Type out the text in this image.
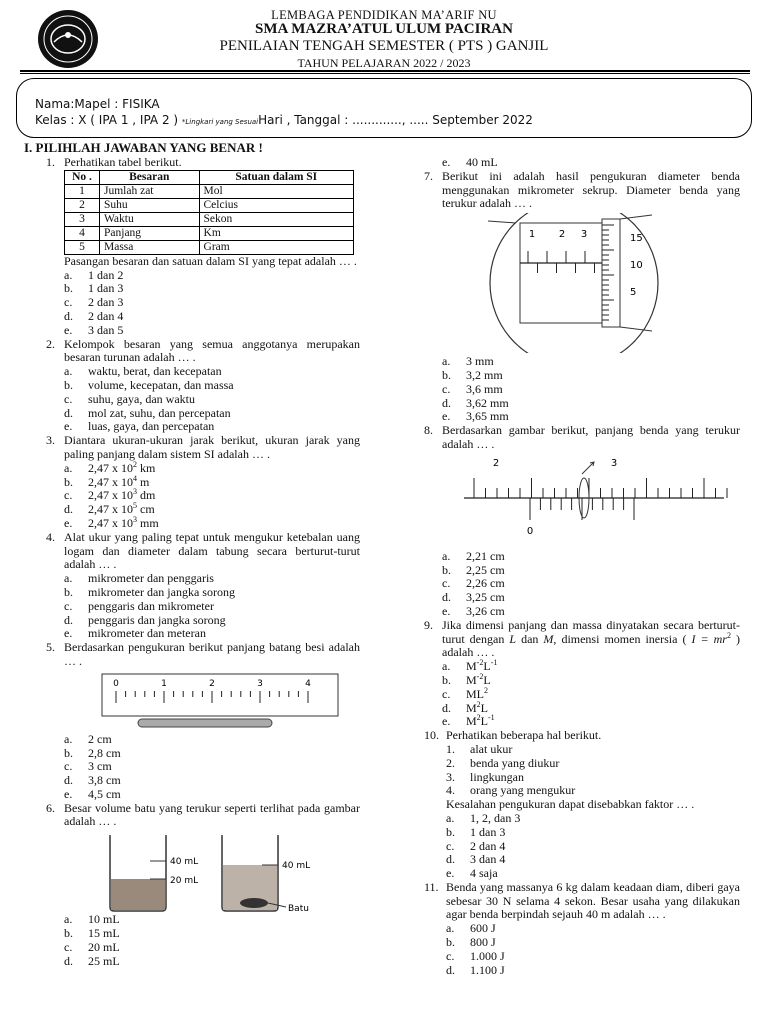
LEMBAGA PENDIDIKAN MA’ARIF NU
SMA MAZRA’ATUL ULUM PACIRAN
PENILAIAN TENGAH SEMESTER ( PTS ) GANJIL
TAHUN PELAJARAN 2022 / 2023
Nama:Mapel : FISIKA
Kelas : X ( IPA 1 , IPA 2 ) *Lingkari yang SesuaiHari , Tanggal : ............., ..... September 2022
I. PILIHLAH JAWABAN YANG BENAR !
1. Perhatikan tabel berikut.
No .	Besaran	Satuan dalam SI
1	Jumlah zat	Mol
2	Suhu	Celcius
3	Waktu	Sekon
4	Panjang	Km
5	Massa	Gram
Pasangan besaran dan satuan dalam SI yang tepat adalah … .
a. 1 dan 2
b. 1 dan 3
c. 2 dan 3
d. 2 dan 4
e. 3 dan 5
2. Kelompok besaran yang semua anggotanya merupakan besaran turunan adalah … .
a. waktu, berat, dan kecepatan
b. volume, kecepatan, dan massa
c. suhu, gaya, dan waktu
d. mol zat, suhu, dan percepatan
e. luas, gaya, dan percepatan
3. Diantara ukuran-ukuran jarak berikut, ukuran jarak yang paling panjang dalam sistem SI adalah … .
a. 2,47 x $10^2$ km
b. 2,47 x $10^4$ m
c. 2,47 x $10^3$ dm
d. 2,47 x $10^5$ cm
e. 2,47 x $10^3$ mm
4. Alat ukur yang paling tepat untuk mengukur ketebalan uang logam dan diameter dalam tabung secara berturut-turut adalah … .
a. mikrometer dan penggaris
b. mikrometer dan jangka sorong
c. penggaris dan mikrometer
d. penggaris dan jangka sorong
e. mikrometer dan meteran
5. Berdasarkan pengukuran berikut panjang batang besi adalah … .
0	1	2	3	4
a. 2 cm
b. 2,8 cm
c. 3 cm
d. 3,8 cm
e. 4,5 cm
6. Besar volume batu yang terukur seperti terlihat pada gambar adalah … .
40 mL
20 mL
40 mL
Batu
a. 10 mL
b. 15 mL
c. 20 mL
d. 25 mL
e. 40 mL
7. Berikut ini adalah hasil pengukuran diameter benda menggunakan mikrometer sekrup. Diameter benda yang terukur adalah … .
1 2 3	15
10
5
a. 3 mm
b. 3,2 mm
c. 3,6 mm
d. 3,62 mm
e. 3,65 mm
8. Berdasarkan gambar berikut, panjang benda yang terukur adalah … .
2	3
0
a. 2,21 cm
b. 2,25 cm
c. 2,26 cm
d. 3,25 cm
e. 3,26 cm
9. Jika dimensi panjang dan massa dinyatakan secara berturut-turut dengan L dan M, dimensi momen inersia ( $I = mr^2$ ) adalah … .
a. $M^{-2}L^{-1}$
b. $M^{-2}L$
c. $ML^2$
d. $M^2L$
e. $M^2L^{-1}$
10. Perhatikan beberapa hal berikut.
1. alat ukur
2. benda yang diukur
3. lingkungan
4. orang yang mengukur
Kesalahan pengukuran dapat disebabkan faktor … .
a. 1, 2, dan 3
b. 1 dan 3
c. 2 dan 4
d. 3 dan 4
e. 4 saja
11. Benda yang massanya 6 kg dalam keadaan diam, diberi gaya sebesar 30 N selama 4 sekon. Besar usaha yang dilakukan agar benda berpindah sejauh 40 m adalah … .
a. 600 J
b. 800 J
c. 1.000 J
d. 1.100 J
